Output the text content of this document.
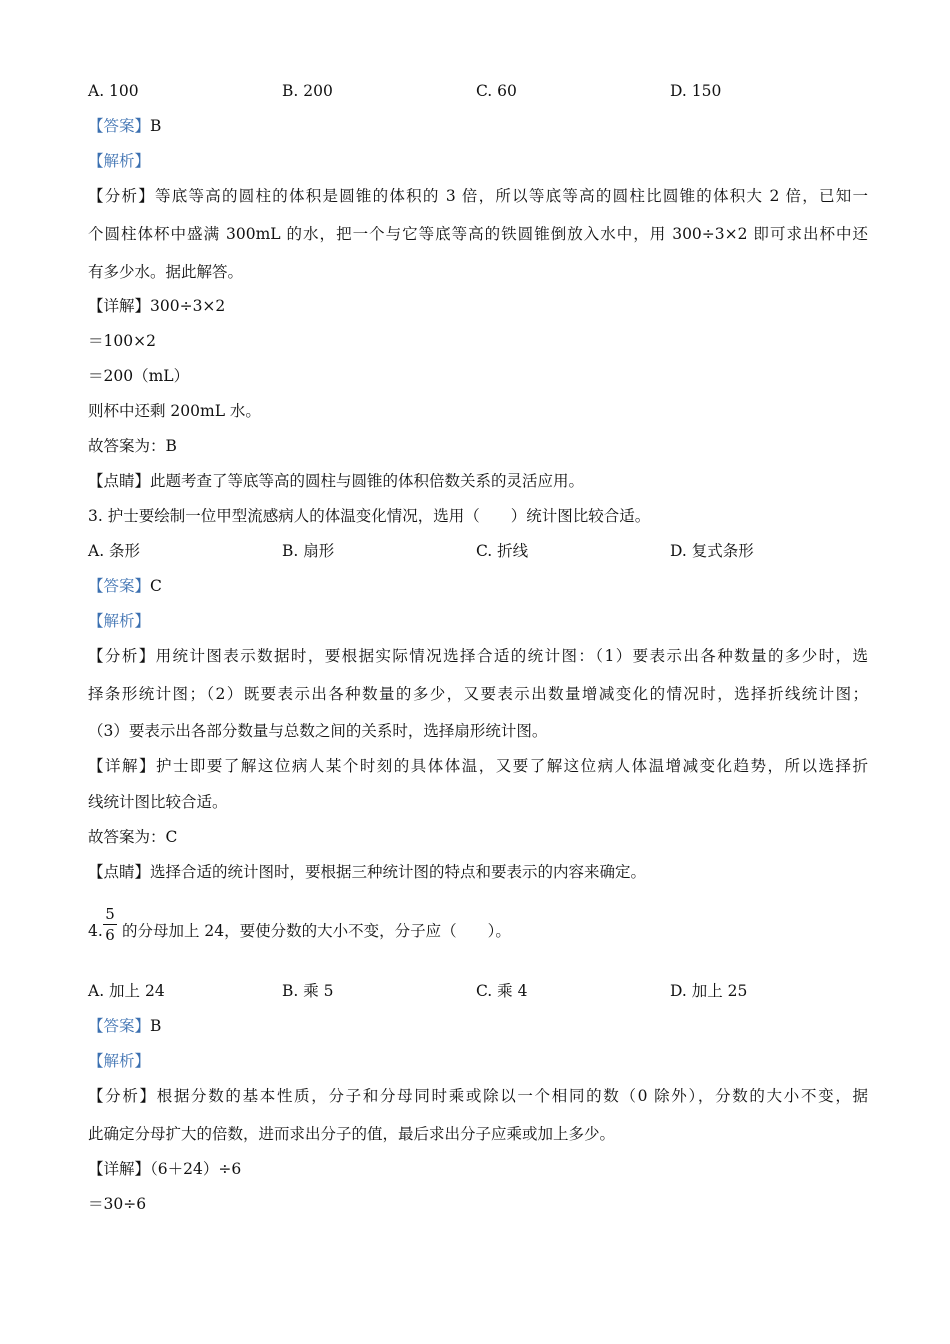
A. 100	B. 200	C. 60	D. 150
【答案】B
【解析】
【分析】等底等高的圆柱的体积是圆锥的体积的 3 倍，所以等底等高的圆柱比圆锥的体积大 2 倍，已知一
个圆柱体杯中盛满 300mL 的水，把一个与它等底等高的铁圆锥倒放入水中，用 300÷3×2 即可求出杯中还
有多少水。据此解答。
【详解】300÷3×2
＝100×2
＝200（mL）
则杯中还剩 200mL 水。
故答案为：B
【点睛】此题考查了等底等高的圆柱与圆锥的体积倍数关系的灵活应用。
3. 护士要绘制一位甲型流感病人的体温变化情况，选用（　　）统计图比较合适。
A. 条形	B. 扇形	C. 折线	D. 复式条形
【答案】C
【解析】
【分析】用统计图表示数据时，要根据实际情况选择合适的统计图：（1）要表示出各种数量的多少时，选
择条形统计图；（2）既要表示出各种数量的多少，又要表示出数量增减变化的情况时，选择折线统计图；
（3）要表示出各部分数量与总数之间的关系时，选择扇形统计图。
【详解】护士即要了解这位病人某个时刻的具体体温，又要了解这位病人体温增减变化趋势，所以选择折
线统计图比较合适。
故答案为：C
【点睛】选择合适的统计图时，要根据三种统计图的特点和要表示的内容来确定。
4.
5
6 的分母加上 24，要使分数的大小不变，分子应（　　）。
A. 加上 24	B. 乘 5	C. 乘 4	D. 加上 25
【答案】B
【解析】
【分析】根据分数的基本性质，分子和分母同时乘或除以一个相同的数（0 除外），分数的大小不变，据
此确定分母扩大的倍数，进而求出分子的值，最后求出分子应乘或加上多少。
【详解】（6＋24）÷6
＝30÷6
